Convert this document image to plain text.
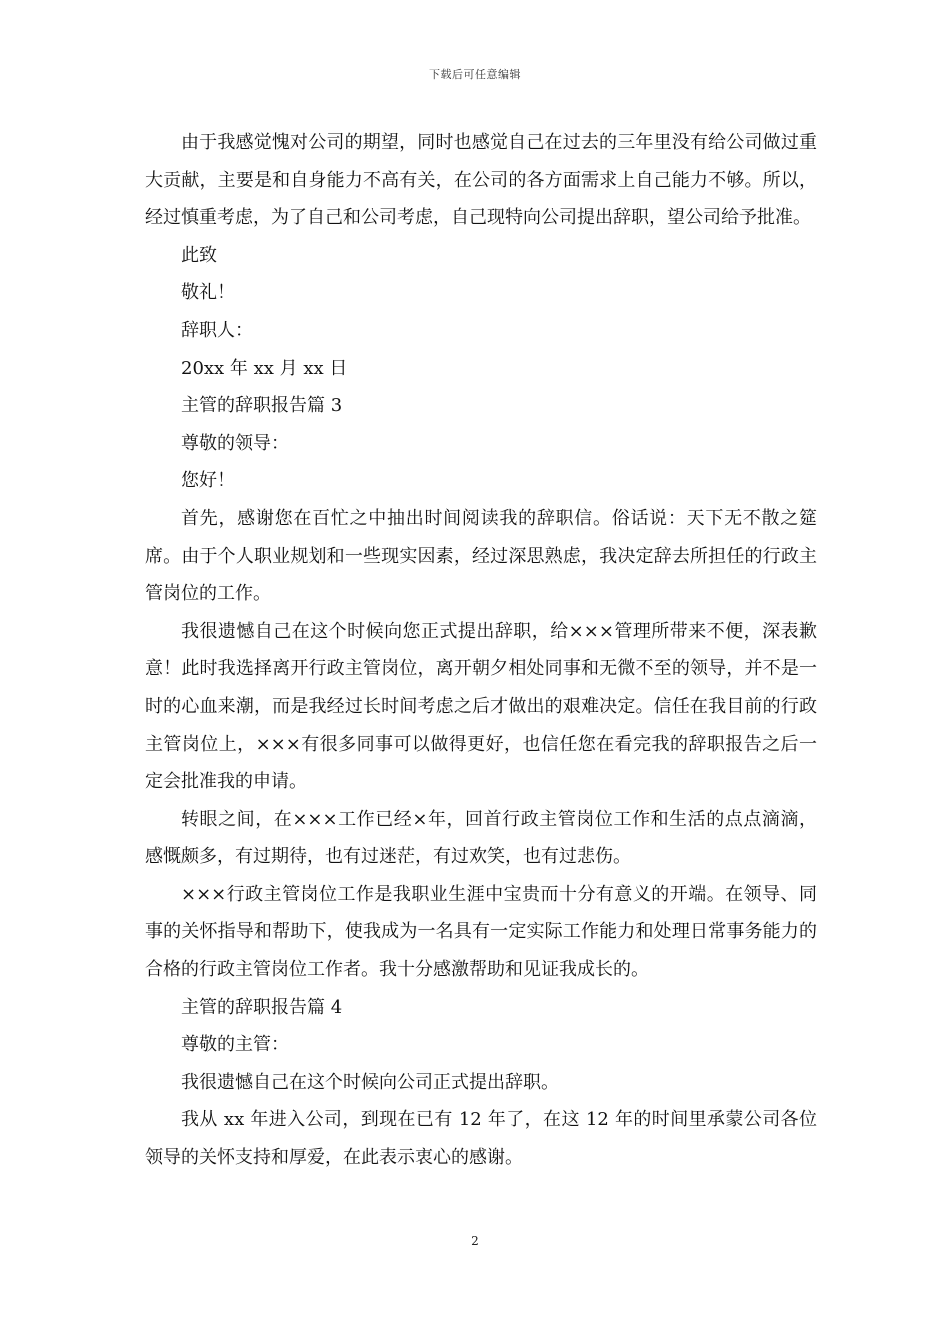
下载后可任意编辑

由于我感觉愧对公司的期望，同时也感觉自己在过去的三年里没有给公司做过重大贡献，主要是和自身能力不高有关，在公司的各方面需求上自己能力不够。所以，经过慎重考虑，为了自己和公司考虑，自己现特向公司提出辞职，望公司给予批准。

此致

敬礼！

辞职人：

20xx 年 xx 月 xx 日

主管的辞职报告篇 3

尊敬的领导：

您好！

首先，感谢您在百忙之中抽出时间阅读我的辞职信。俗话说：天下无不散之筵席。由于个人职业规划和一些现实因素，经过深思熟虑，我决定辞去所担任的行政主管岗位的工作。

我很遗憾自己在这个时候向您正式提出辞职，给×××管理所带来不便，深表歉意！此时我选择离开行政主管岗位，离开朝夕相处同事和无微不至的领导，并不是一时的心血来潮，而是我经过长时间考虑之后才做出的艰难决定。信任在我目前的行政主管岗位上，×××有很多同事可以做得更好，也信任您在看完我的辞职报告之后一定会批准我的申请。

转眼之间，在×××工作已经×年，回首行政主管岗位工作和生活的点点滴滴，感慨颇多，有过期待，也有过迷茫，有过欢笑，也有过悲伤。

×××行政主管岗位工作是我职业生涯中宝贵而十分有意义的开端。在领导、同事的关怀指导和帮助下，使我成为一名具有一定实际工作能力和处理日常事务能力的合格的行政主管岗位工作者。我十分感激帮助和见证我成长的。

主管的辞职报告篇 4

尊敬的主管：

我很遗憾自己在这个时候向公司正式提出辞职。

我从 xx 年进入公司，到现在已有 12 年了，在这 12 年的时间里承蒙公司各位领导的关怀支持和厚爱，在此表示衷心的感谢。

2
